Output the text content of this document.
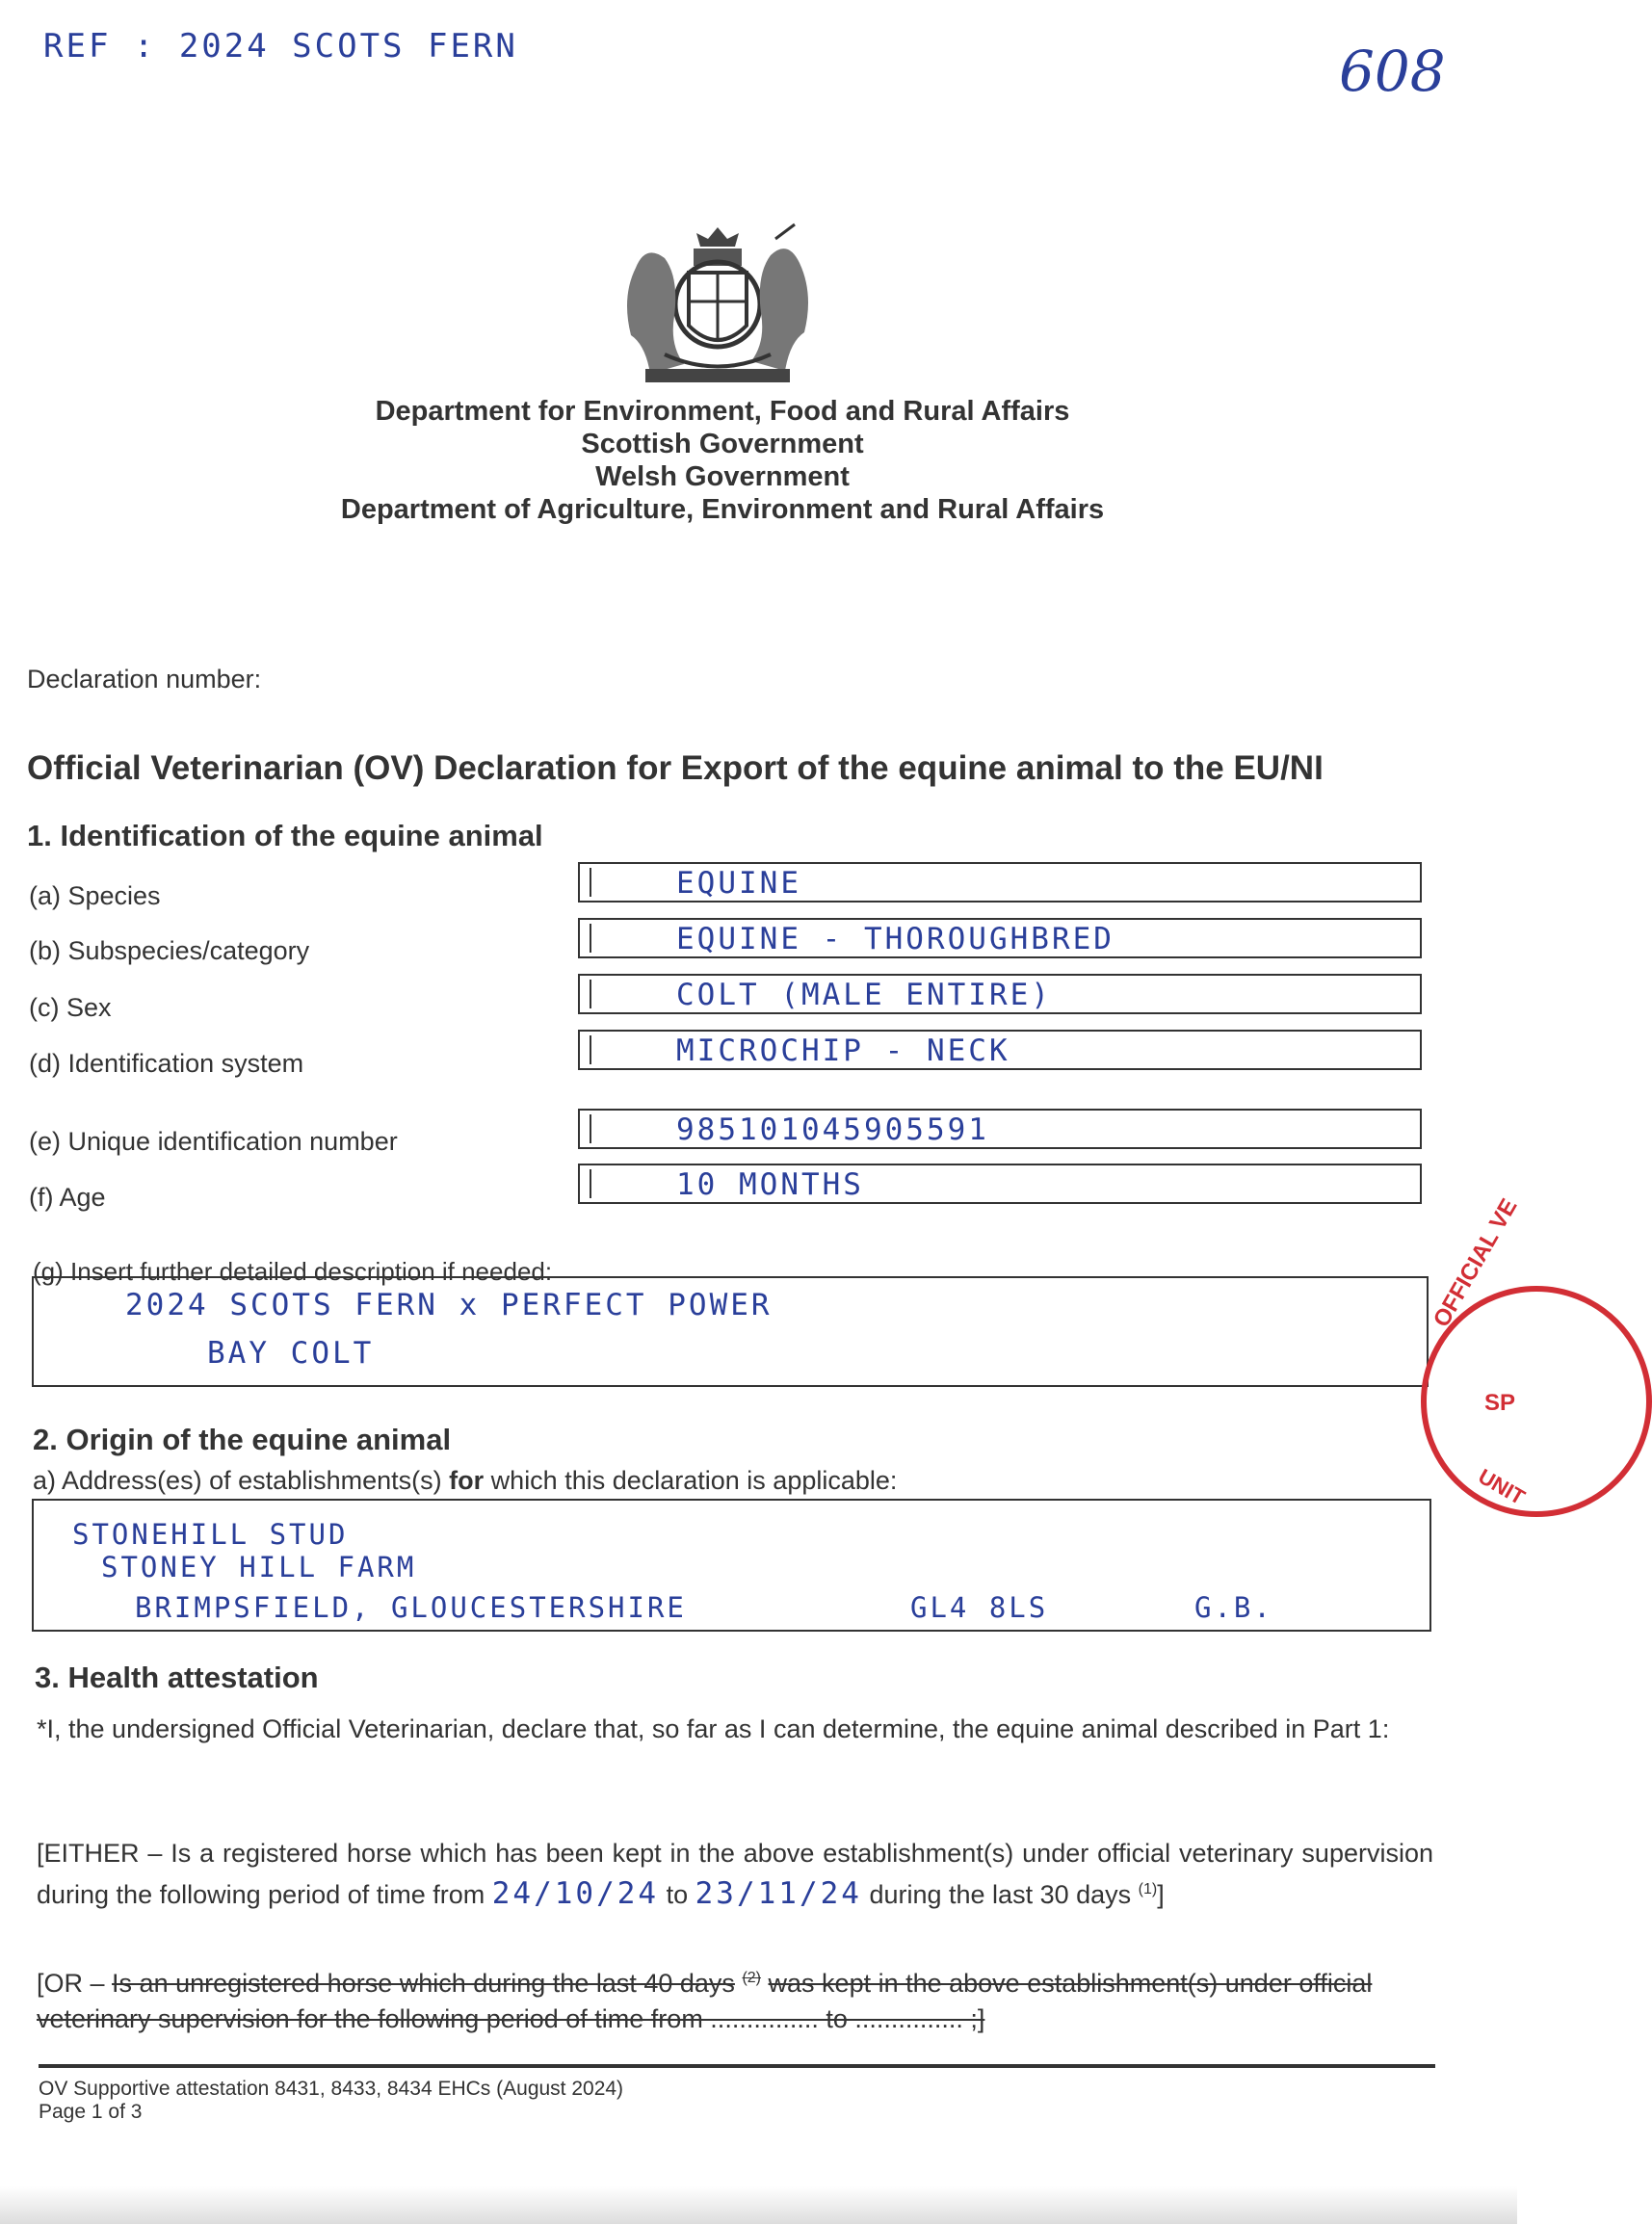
REF : 2024 SCOTS FERN	608
Department for Environment, Food and Rural Affairs
Scottish Government
Welsh Government
Department of Agriculture, Environment and Rural Affairs
Declaration number:
Official Veterinarian (OV) Declaration for Export of the equine animal to the EU/NI
1. Identification of the equine animal
(a) Species	EQUINE
(b) Subspecies/category	EQUINE - THOROUGHBRED
(c) Sex	COLT (MALE ENTIRE)
(d) Identification system	MICROCHIP - NECK
(e) Unique identification number	985101045905591
(f) Age	10 MONTHS
(g) Insert further detailed description if needed:
2024 SCOTS FERN x PERFECT POWER
BAY COLT
2. Origin of the equine animal
a) Address(es) of establishments(s) for which this declaration is applicable:
STONEHILL STUD
STONEY HILL FARM
BRIMPSFIELD, GLOUCESTERSHIRE	GL4 8LS	G.B.
OFFICIAL VE
SP
UNIT
3. Health attestation
*I, the undersigned Official Veterinarian, declare that, so far as I can determine, the equine animal described in Part 1:
[EITHER – Is a registered horse which has been kept in the above establishment(s) under official veterinary supervision during the following period of time from 24/10/24 to 23/11/24 during the last 30 days $^{(1)}$]
[OR – Is an unregistered horse which during the last 40 days $^{(2)}$ was kept in the above establishment(s) under official veterinary supervision for the following period of time from ............... to ............... ;]
OV Supportive attestation 8431, 8433, 8434 EHCs (August 2024)
Page 1 of 3
